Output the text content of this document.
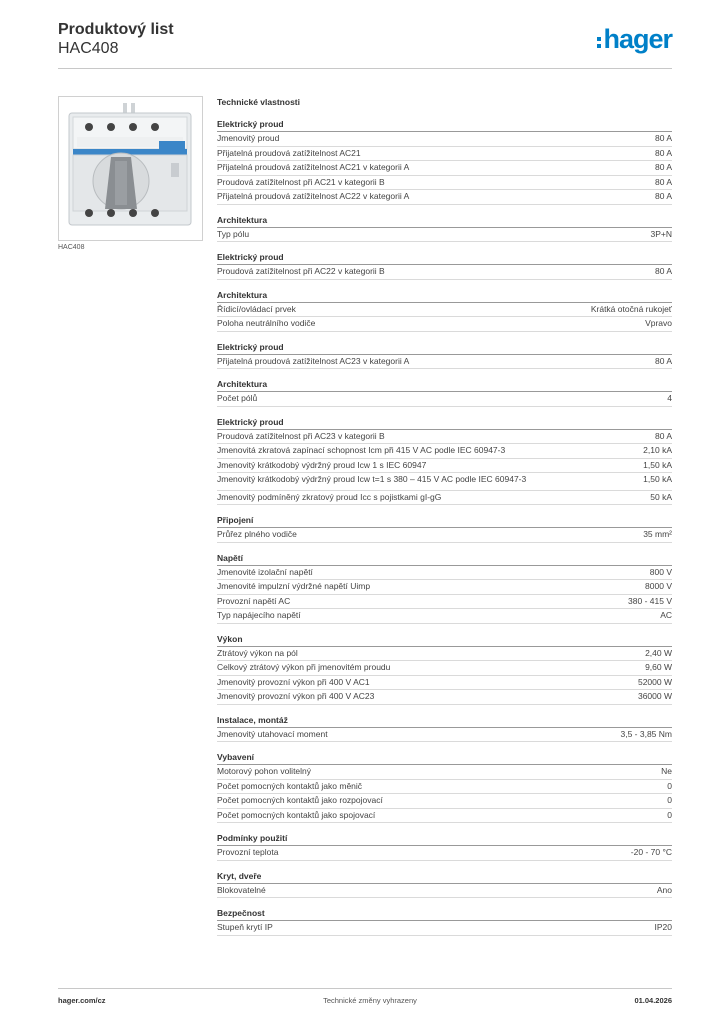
Produktový list
HAC408	hager
HAC408
Technické vlastnosti
Elektrický proud
Jmenovitý proud	80 A
Přijatelná proudová zatížitelnost AC21	80 A
Přijatelná proudová zatížitelnost AC21 v kategorii A	80 A
Proudová zatížitelnost při AC21 v kategorii B	80 A
Přijatelná proudová zatížitelnost AC22 v kategorii A	80 A
Architektura
Typ pólu	3P+N
Elektrický proud
Proudová zatížitelnost při AC22 v kategorii B	80 A
Architektura
Řídicí/ovládací prvek	Krátká otočná rukojeť
Poloha neutrálního vodiče	Vpravo
Elektrický proud
Přijatelná proudová zatížitelnost AC23 v kategorii A	80 A
Architektura
Počet pólů	4
Elektrický proud
Proudová zatížitelnost při AC23 v kategorii B	80 A
Jmenovitá zkratová zapínací schopnost Icm při 415 V AC podle IEC 60947-3	2,10 kA
Jmenovitý krátkodobý výdržný proud Icw 1 s IEC 60947	1,50 kA
Jmenovitý krátkodobý výdržný proud Icw t=1 s 380 – 415 V AC podle IEC 60947-3	1,50 kA
Jmenovitý podmíněný zkratový proud Icc s pojistkami gI-gG	50 kA
Připojení
Průřez plného vodiče	35 mm²
Napětí
Jmenovité izolační napětí	800 V
Jmenovité impulzní výdržné napětí Uimp	8000 V
Provozní napětí AC	380 - 415 V
Typ napájecího napětí	AC
Výkon
Ztrátový výkon na pól	2,40 W
Celkový ztrátový výkon při jmenovitém proudu	9,60 W
Jmenovitý provozní výkon při 400 V AC1	52000 W
Jmenovitý provozní výkon při 400 V AC23	36000 W
Instalace, montáž
Jmenovitý utahovací moment	3,5 - 3,85 Nm
Vybavení
Motorový pohon volitelný	Ne
Počet pomocných kontaktů jako měnič	0
Počet pomocných kontaktů jako rozpojovací	0
Počet pomocných kontaktů jako spojovací	0
Podmínky použití
Provozní teplota	-20 - 70 °C
Kryt, dveře
Blokovatelné	Ano
Bezpečnost
Stupeň krytí IP	IP20
hager.com/cz	Technické změny vyhrazeny	01.04.2026
